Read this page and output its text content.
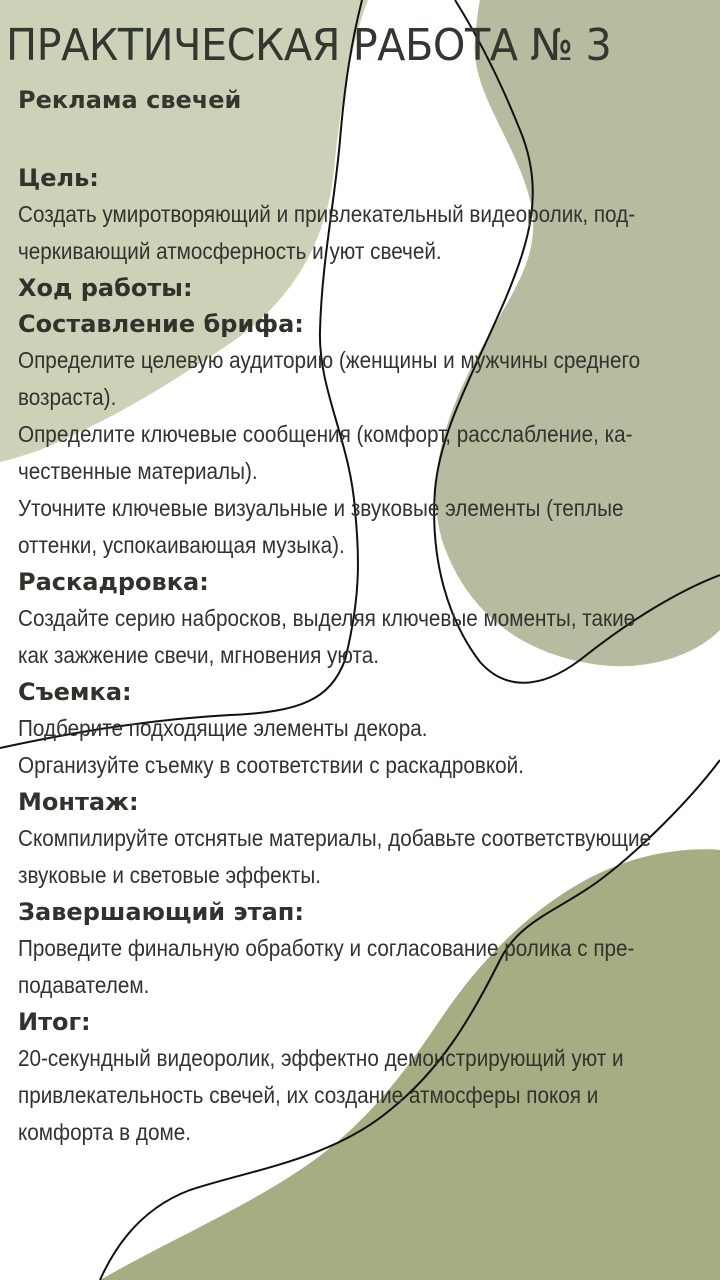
ПРАКТИЧЕСКАЯ РАБОТА № 3
Реклама свечей
Цель:
Создать умиротворяющий и привлекательный видеоролик, под-
черкивающий атмосферность и уют свечей.
Ход работы:
Составление брифа:
Определите целевую аудиторию (женщины и мужчины среднего
возраста).
Определите ключевые сообщения (комфорт, расслабление, ка-
чественные материалы).
Уточните ключевые визуальные и звуковые элементы (теплые
оттенки, успокаивающая музыка).
Раскадровка:
Создайте серию набросков, выделяя ключевые моменты, такие
как зажжение свечи, мгновения уюта.
Съемка:
Подберите подходящие элементы декора.
Организуйте съемку в соответствии с раскадровкой.
Монтаж:
Скомпилируйте отснятые материалы, добавьте соответствующие
звуковые и световые эффекты.
Завершающий этап:
Проведите финальную обработку и согласование ролика с пре-
подавателем.
Итог:
20-секундный видеоролик, эффектно демонстрирующий уют и
привлекательность свечей, их создание атмосферы покоя и
комфорта в доме.
